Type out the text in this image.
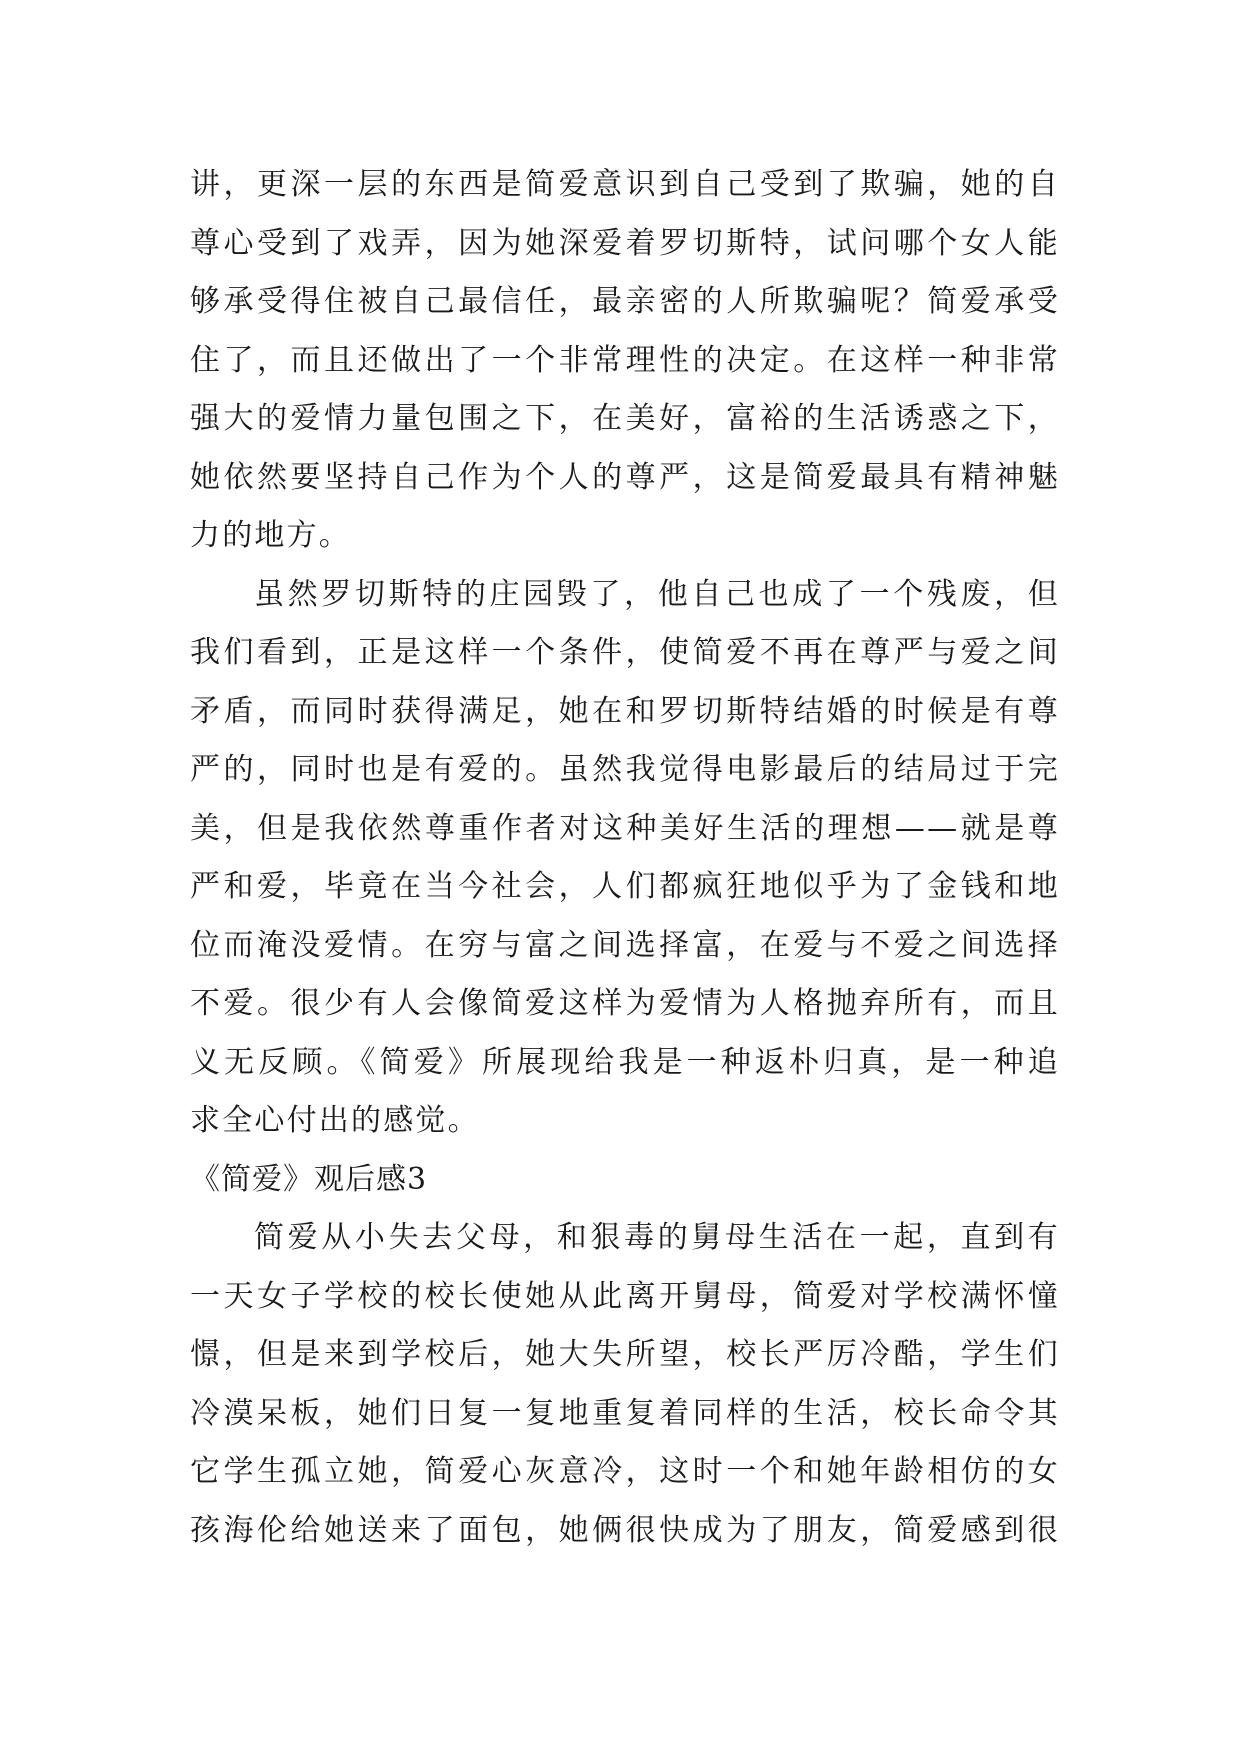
讲，更深一层的东西是简爱意识到自己受到了欺骗，她的自
尊心受到了戏弄，因为她深爱着罗切斯特，试问哪个女人能
够承受得住被自己最信任，最亲密的人所欺骗呢？简爱承受
住了，而且还做出了一个非常理性的决定。在这样一种非常
强大的爱情力量包围之下，在美好，富裕的生活诱惑之下，
她依然要坚持自己作为个人的尊严，这是简爱最具有精神魅
力的地方。
虽然罗切斯特的庄园毁了，他自己也成了一个残废，但
我们看到，正是这样一个条件，使简爱不再在尊严与爱之间
矛盾，而同时获得满足，她在和罗切斯特结婚的时候是有尊
严的，同时也是有爱的。虽然我觉得电影最后的结局过于完
美，但是我依然尊重作者对这种美好生活的理想——就是尊
严和爱，毕竟在当今社会，人们都疯狂地似乎为了金钱和地
位而淹没爱情。在穷与富之间选择富，在爱与不爱之间选择
不爱。很少有人会像简爱这样为爱情为人格抛弃所有，而且
义无反顾。《简爱》所展现给我是一种返朴归真，是一种追
求全心付出的感觉。
《简爱》观后感3
简爱从小失去父母，和狠毒的舅母生活在一起，直到有
一天女子学校的校长使她从此离开舅母，简爱对学校满怀憧
憬，但是来到学校后，她大失所望，校长严厉冷酷，学生们
冷漠呆板，她们日复一复地重复着同样的生活，校长命令其
它学生孤立她，简爱心灰意冷，这时一个和她年龄相仿的女
孩海伦给她送来了面包，她俩很快成为了朋友，简爱感到很
